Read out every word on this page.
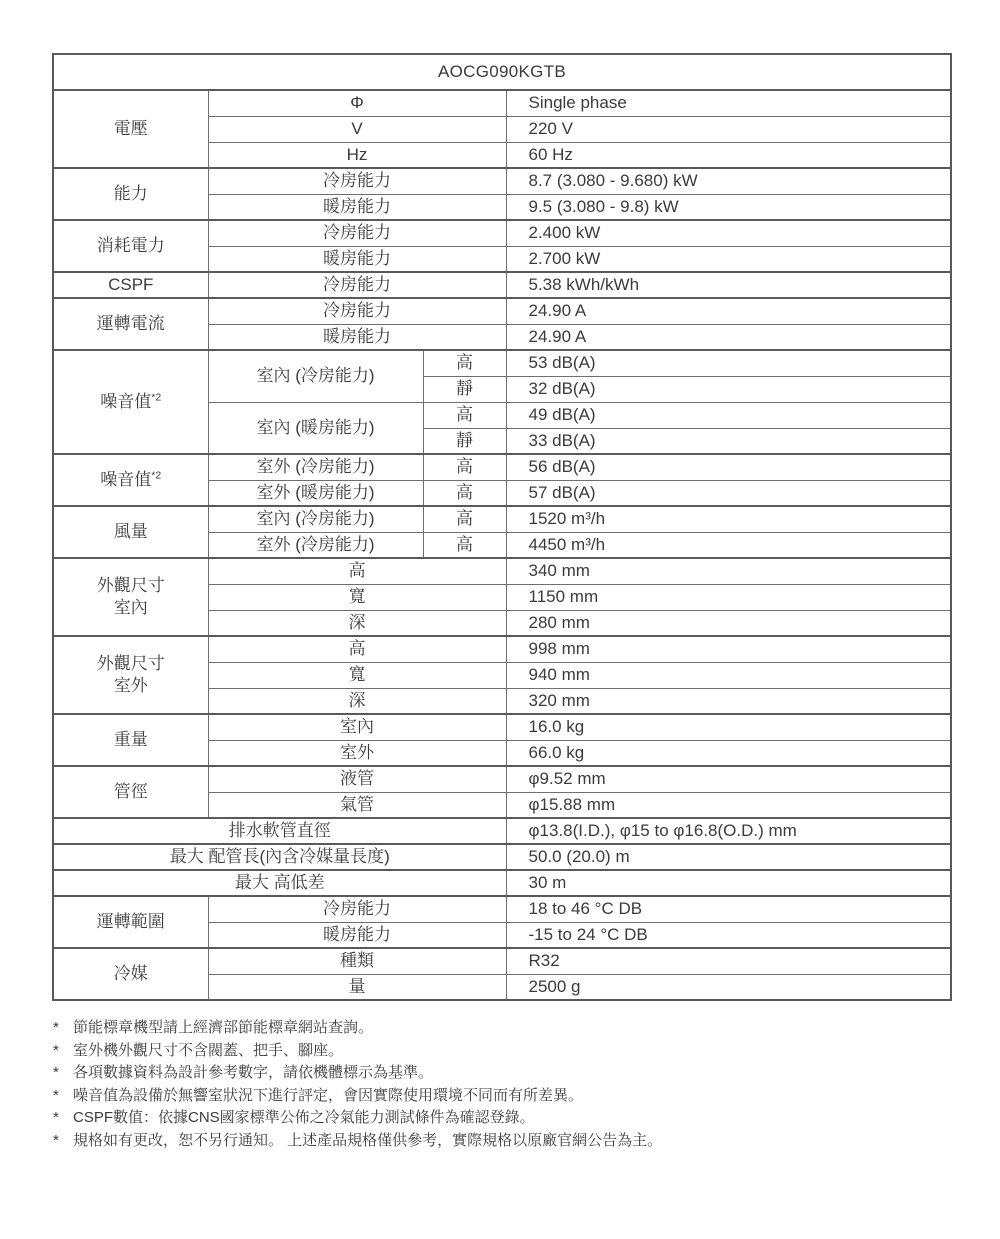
AOCG090KGTB			
電壓	Φ		Single phase
	V		220 V
	Hz		60 Hz
能力	冷房能力		8.7 (3.080 - 9.680) kW
	暖房能力		9.5 (3.080 - 9.8) kW
消耗電力	冷房能力		2.400 kW
	暖房能力		2.700 kW
CSPF	冷房能力		5.38 kWh/kWh
運轉電流	冷房能力		24.90 A
	暖房能力		24.90 A
噪音值$^{*2}$	室內 (冷房能力)	高	53 dB(A)
		靜	32 dB(A)
	室內 (暖房能力)	高	49 dB(A)
		靜	33 dB(A)
噪音值$^{*2}$	室外 (冷房能力)	高	56 dB(A)
	室外 (暖房能力)	高	57 dB(A)
風量	室內 (冷房能力)	高	1520 m³/h
	室外 (冷房能力)	高	4450 m³/h

外觀尺寸
室內	高		340 mm
	寬		1150 mm
	深		280 mm

外觀尺寸
室外	高		998 mm
	寬		940 mm
	深		320 mm
重量	室內		16.0 kg
	室外		66.0 kg
管徑	液管		φ9.52 mm
	氣管		φ15.88 mm
排水軟管直徑			φ13.8(I.D.), φ15 to φ16.8(O.D.) mm
最大 配管長(內含冷媒量長度)			50.0 (20.0) m
最大 高低差			30 m
運轉範圍	冷房能力		18 to 46 °C DB
	暖房能力		-15 to 24 °C DB
冷媒	種類		R32
	量		2500 g
* 節能標章機型請上經濟部節能標章網站查詢。
* 室外機外觀尺寸不含閥蓋、把手、腳座。
* 各項數據資料為設計參考數字，請依機體標示為基準。
* 噪音值為設備於無響室狀況下進行評定，會因實際使用環境不同而有所差異。
* CSPF數值：依據CNS國家標準公佈之冷氣能力測試條件為確認登錄。
* 規格如有更改，恕不另行通知。 上述產品規格僅供參考，實際規格以原廠官網公告為主。
